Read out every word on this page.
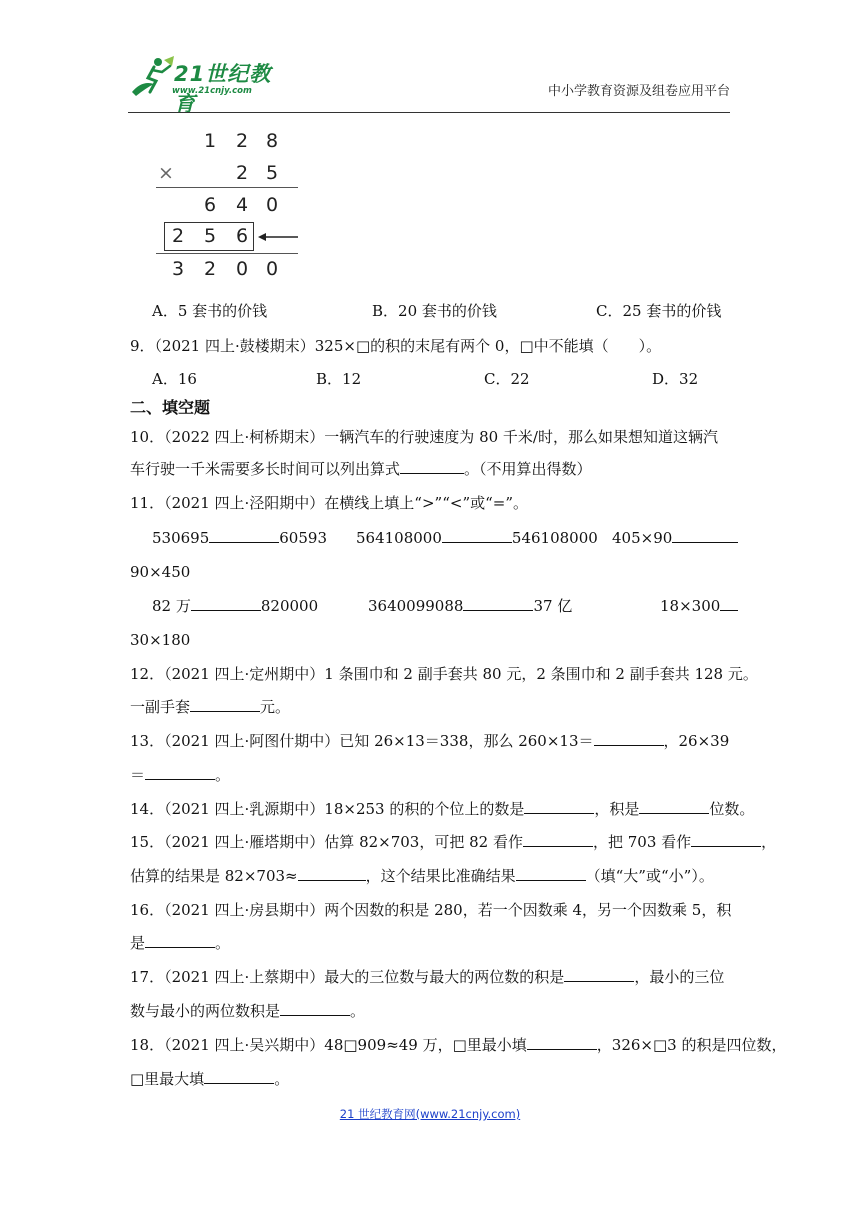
21世纪教育
www.21cnjy.com	中小学教育资源及组卷应用平台
1 2 8
×	2 5
6 4 0
2 5 6
3 2 0 0
A．5 套书的价钱	B．20 套书的价钱	C．25 套书的价钱
9．（2021 四上·鼓楼期末）325×□的积的末尾有两个 0，□中不能填（　　）。
A．16	B．12	C．22	D．32
二、填空题
10．（2022 四上·柯桥期末）一辆汽车的行驶速度为 80 千米/时，那么如果想知道这辆汽
车行驶一千米需要多长时间可以列出算式	。（不用算出得数）
11．（2021 四上·泾阳期中）在横线上填上“>”“<”或“=”。
530695	60593 564108000	546108000 405×90
90×450
82 万	820000	3640099088	37 亿	18×300
30×180
12．（2021 四上·定州期中）1 条围巾和 2 副手套共 80 元，2 条围巾和 2 副手套共 128 元。
一副手套	元。
13．（2021 四上·阿图什期中）已知 26×13＝338，那么 260×13＝	，26×39
＝	。
14．（2021 四上·乳源期中）18×253 的积的个位上的数是	，积是	位数。
15．（2021 四上·雁塔期中）估算 82×703，可把 82 看作	，把 703 看作	，
估算的结果是 82×703≈	，这个结果比准确结果	（填“大”或“小”）。
16．（2021 四上·房县期中）两个因数的积是 280，若一个因数乘 4，另一个因数乘 5，积
是	。
17．（2021 四上·上蔡期中）最大的三位数与最大的两位数的积是	，最小的三位
数与最小的两位数积是	。
18．（2021 四上·吴兴期中）48□909≈49 万，□里最小填	，326×□3 的积是四位数，
□里最大填	。
21 世纪教育网(www.21cnjy.com)
